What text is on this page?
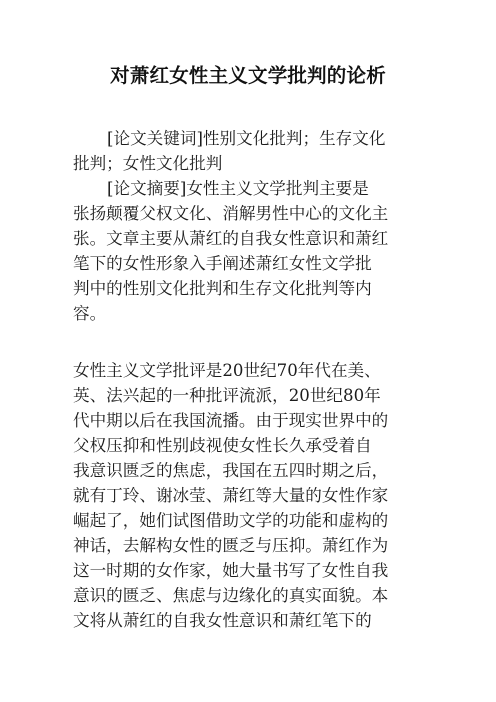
对萧红女性主义文学批判的论析
[论文关键词]性别文化批判；生存文化
批判；女性文化批判
[论文摘要]女性主义文学批判主要是
张扬颠覆父权文化、消解男性中心的文化主
张。文章主要从萧红的自我女性意识和萧红
笔下的女性形象入手阐述萧红女性文学批
判中的性别文化批判和生存文化批判等内
容。
女性主义文学批评是20世纪70年代在美、
英、法兴起的一种批评流派，20世纪80年
代中期以后在我国流播。由于现实世界中的
父权压抑和性别歧视使女性长久承受着自
我意识匮乏的焦虑，我国在五四时期之后，
就有丁玲、谢冰莹、萧红等大量的女性作家
崛起了，她们试图借助文学的功能和虚构的
神话，去解构女性的匮乏与压抑。萧红作为
这一时期的女作家，她大量书写了女性自我
意识的匮乏、焦虑与边缘化的真实面貌。本
文将从萧红的自我女性意识和萧红笔下的
